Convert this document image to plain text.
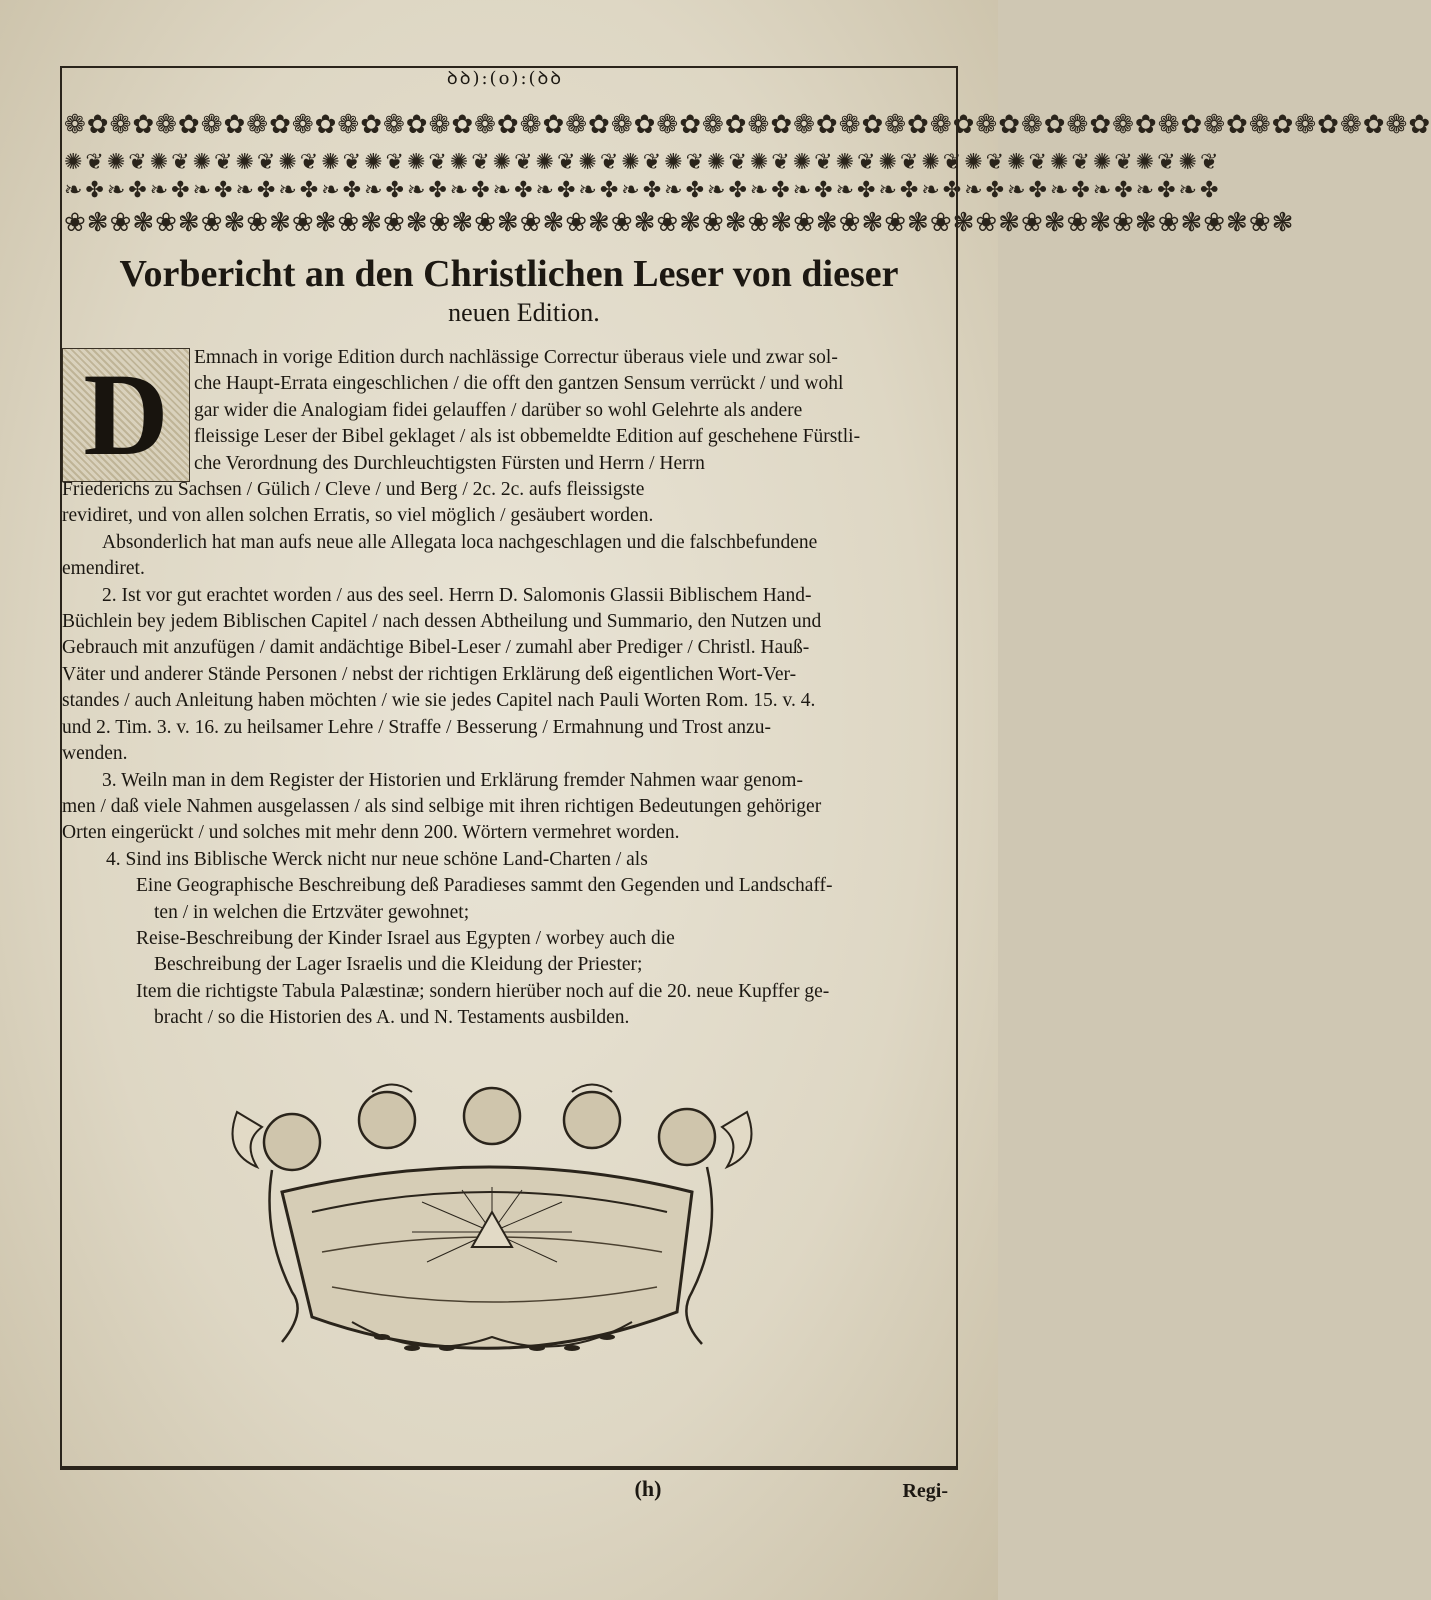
ꝺꝺ):(o):(ꝺꝺ
❁✿❁✿❁✿❁✿❁✿❁✿❁✿❁✿❁✿❁✿❁✿❁✿❁✿❁✿❁✿❁✿❁✿❁✿❁✿❁✿❁✿❁✿❁✿❁✿❁✿❁✿❁✿❁✿❁✿❁✿
✺❦✺❦✺❦✺❦✺❦✺❦✺❦✺❦✺❦✺❦✺❦✺❦✺❦✺❦✺❦✺❦✺❦✺❦✺❦✺❦✺❦✺❦✺❦✺❦✺❦✺❦✺❦
❧✤❧✤❧✤❧✤❧✤❧✤❧✤❧✤❧✤❧✤❧✤❧✤❧✤❧✤❧✤❧✤❧✤❧✤❧✤❧✤❧✤❧✤❧✤❧✤❧✤❧✤❧✤
❀❃❀❃❀❃❀❃❀❃❀❃❀❃❀❃❀❃❀❃❀❃❀❃❀❃❀❃❀❃❀❃❀❃❀❃❀❃❀❃❀❃❀❃❀❃❀❃❀❃❀❃❀❃
Vorbericht an den Christlichen Leser von dieser
neuen Edition.
D	Emnach in vorige Edition durch nachlässige Correctur überaus viele und zwar sol-
che Haupt-Errata eingeschlichen / die offt den gantzen Sensum verrückt / und wohl
gar wider die Analogiam fidei gelauffen / darüber so wohl Gelehrte als andere
fleissige Leser der Bibel geklaget / als ist obbemeldte Edition auf geschehene Fürstli-
che Verordnung des Durchleuchtigsten Fürsten und Herrn / Herrn
Friederichs zu Sachsen / Gülich / Cleve / und Berg / 2c. 2c. aufs fleissigste
revidiret, und von allen solchen Erratis, so viel möglich / gesäubert worden.
Absonderlich hat man aufs neue alle Allegata loca nachgeschlagen und die falschbefundene
emendiret.
2. Ist vor gut erachtet worden / aus des seel. Herrn D. Salomonis Glassii Biblischem Hand-
Büchlein bey jedem Biblischen Capitel / nach dessen Abtheilung und Summario, den Nutzen und
Gebrauch mit anzufügen / damit andächtige Bibel-Leser / zumahl aber Prediger / Christl. Hauß-
Väter und anderer Stände Personen / nebst der richtigen Erklärung deß eigentlichen Wort-Ver-
standes / auch Anleitung haben möchten / wie sie jedes Capitel nach Pauli Worten Rom. 15. v. 4.
und 2. Tim. 3. v. 16. zu heilsamer Lehre / Straffe / Besserung / Ermahnung und Trost anzu-
wenden.
3. Weiln man in dem Register der Historien und Erklärung fremder Nahmen waar genom-
men / daß viele Nahmen ausgelassen / als sind selbige mit ihren richtigen Bedeutungen gehöriger
Orten eingerückt / und solches mit mehr denn 200. Wörtern vermehret worden.
4. Sind ins Biblische Werck nicht nur neue schöne Land-Charten / als
Eine Geographische Beschreibung deß Paradieses sammt den Gegenden und Landschaff-
ten / in welchen die Ertzväter gewohnet;
Reise-Beschreibung der Kinder Israel aus Egypten / worbey auch die
Beschreibung der Lager Israelis und die Kleidung der Priester;
Item die richtigste Tabula Palæstinæ; sondern hierüber noch auf die 20. neue Kupffer ge-
bracht / so die Historien des A. und N. Testaments ausbilden.
(h)	Regi-
